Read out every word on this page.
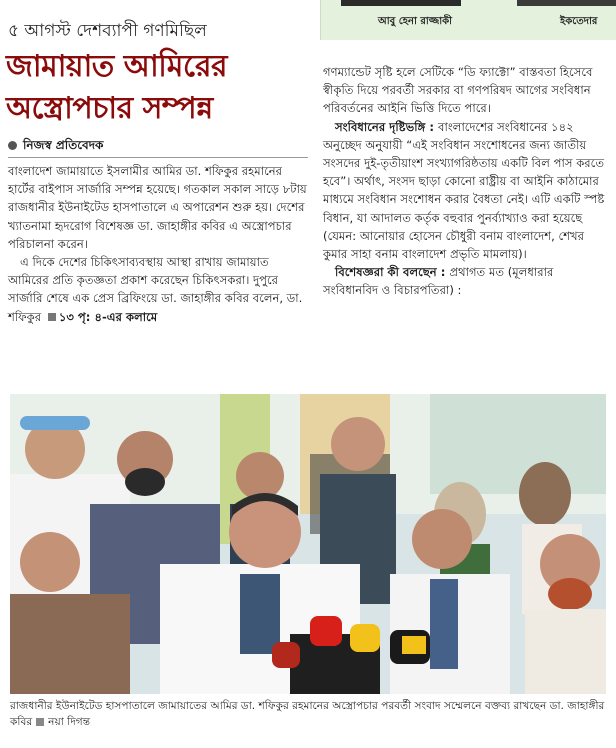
আবু হেনা রাজ্জাকী	ইকতেদার
৫ আগস্ট দেশব্যাপী গণমিছিল
জামায়াত আমিরের
অস্ত্রোপচার সম্পন্ন
নিজস্ব প্রতিবেদক

বাংলাদেশ জামায়াতে ইসলামীর আমির ডা. শফিকুর রহমানের হার্টের বাইপাস সার্জারি সম্পন্ন হয়েছে। গতকাল সকাল সাড়ে ৮টায় রাজধানীর ইউনাইটেড হাসপাতালে এ অপারেশন শুরু হয়। দেশের খ্যাতনামা হৃদরোগ বিশেষজ্ঞ ডা. জাহাঙ্গীর কবির এ অস্ত্রোপচার পরিচালনা করেন।

এ দিকে দেশের চিকিৎসাব্যবস্থায় আস্থা রাখায় জামায়াত আমিরের প্রতি কৃতজ্ঞতা প্রকাশ করেছেন চিকিৎসকরা। দুপুরে সার্জারি শেষে এক প্রেস ব্রিফিংয়ে ডা. জাহাঙ্গীর কবির বলেন, ডা. শফিকুর ১৩ পৃ: ৪-এর কলামে

গণম্যান্ডেট সৃষ্টি হলে সেটিকে “ডি ফ্যাক্টো” বাস্তবতা হিসেবে স্বীকৃতি দিয়ে পরবর্তী সরকার বা গণপরিষদ আগের সংবিধান পরিবর্তনের আইনি ভিত্তি দিতে পারে।

সংবিধানের দৃষ্টিভঙ্গি : বাংলাদেশের সংবিধানের ১৪২ অনুচ্ছেদ অনুযায়ী “এই সংবিধান সংশোধনের জন্য জাতীয় সংসদের দুই-তৃতীয়াংশ সংখ্যাগরিষ্ঠতায় একটি বিল পাস করতে হবে”। অর্থাৎ, সংসদ ছাড়া কোনো রাষ্ট্রীয় বা আইনি কাঠামোর মাধ্যমে সংবিধান সংশোধন করার বৈধতা নেই। এটি একটি স্পষ্ট বিধান, যা আদালত কর্তৃক বহুবার পুনর্ব্যাখ্যাও করা হয়েছে (যেমন: আনোয়ার হোসেন চৌধুরী বনাম বাংলাদেশ, শেখর কুমার সাহা বনাম বাংলাদেশ প্রভৃতি মামলায়)।

বিশেষজ্ঞরা কী বলছেন : প্রথাগত মত (মূলধারার সংবিধানবিদ ও বিচারপতিরা) :

রাজধানীর ইউনাইটেড হাসপাতালে জামায়াতের আমির ডা. শফিকুর রহমানের অস্ত্রোপচার পরবর্তী সংবাদ সম্মেলনে বক্তব্য রাখছেন ডা. জাহাঙ্গীর কবির নয়া দিগন্ত
